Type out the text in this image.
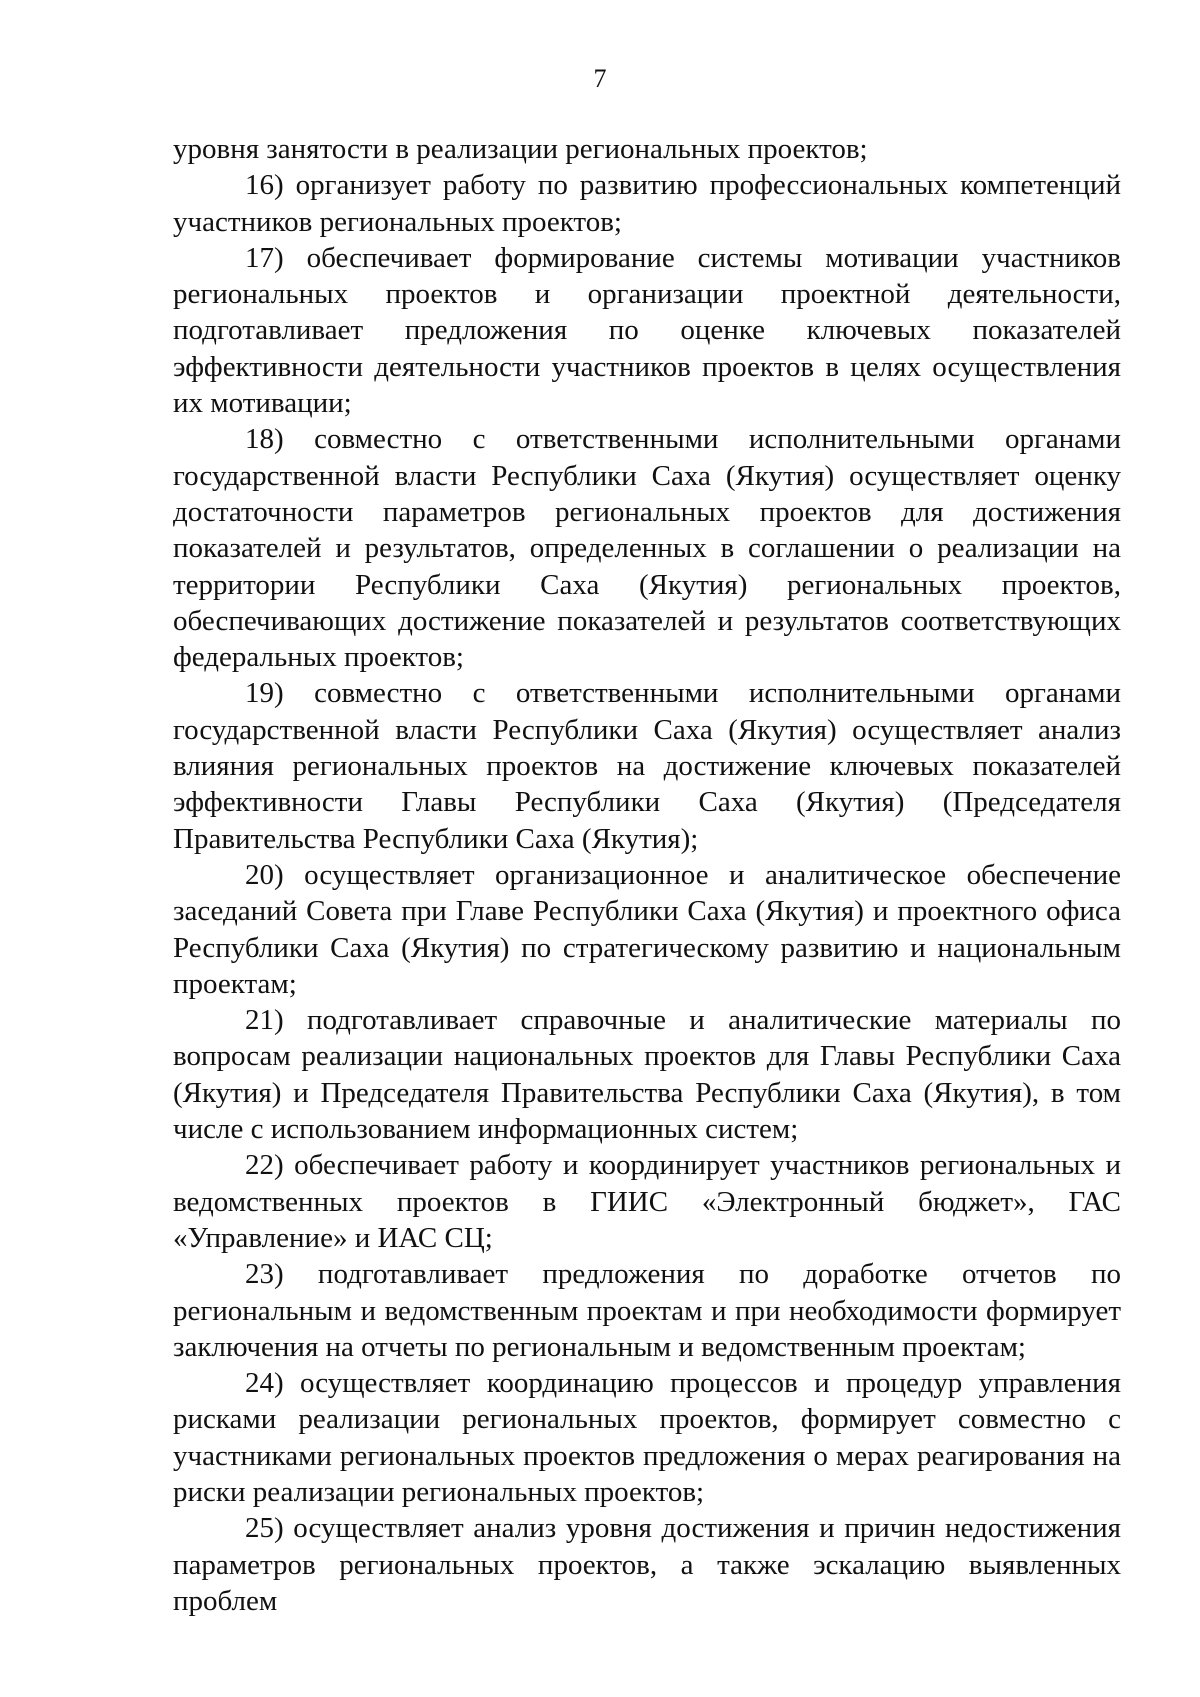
7

уровня занятости в реализации региональных проектов;

16) организует работу по развитию профессиональных компетенций участников региональных проектов;

17) обеспечивает формирование системы мотивации участников региональных проектов и организации проектной деятельности, подготавливает предложения по оценке ключевых показателей эффективности деятельности участников проектов в целях осуществления их мотивации;

18) совместно с ответственными исполнительными органами государственной власти Республики Саха (Якутия) осуществляет оценку достаточности параметров региональных проектов для достижения показателей и результатов, определенных в соглашении о реализации на территории Республики Саха (Якутия) региональных проектов, обеспечивающих достижение показателей и результатов соответствующих федеральных проектов;

19) совместно с ответственными исполнительными органами государственной власти Республики Саха (Якутия) осуществляет анализ влияния региональных проектов на достижение ключевых показателей эффективности Главы Республики Саха (Якутия) (Председателя Правительства Республики Саха (Якутия);

20) осуществляет организационное и аналитическое обеспечение заседаний Совета при Главе Республики Саха (Якутия) и проектного офиса Республики Саха (Якутия) по стратегическому развитию и национальным проектам;

21) подготавливает справочные и аналитические материалы по вопросам реализации национальных проектов для Главы Республики Саха (Якутия) и Председателя Правительства Республики Саха (Якутия), в том числе с использованием информационных систем;

22) обеспечивает работу и координирует участников региональных и ведомственных проектов в ГИИС «Электронный бюджет», ГАС «Управление» и ИАС СЦ;

23) подготавливает предложения по доработке отчетов по региональным и ведомственным проектам и при необходимости формирует заключения на отчеты по региональным и ведомственным проектам;

24) осуществляет координацию процессов и процедур управления рисками реализации региональных проектов, формирует совместно с участниками региональных проектов предложения о мерах реагирования на риски реализации региональных проектов;

25) осуществляет анализ уровня достижения и причин недостижения параметров региональных проектов, а также эскалацию выявленных проблем
